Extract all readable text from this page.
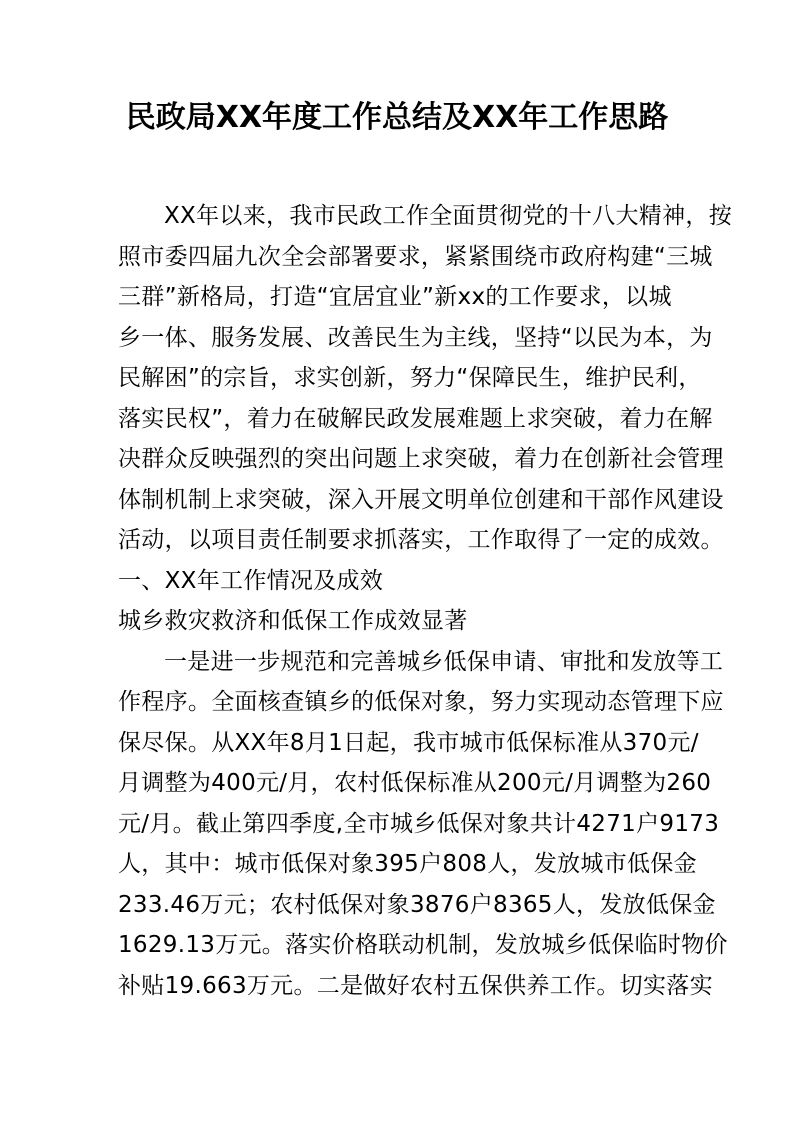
民政局XX年度工作总结及XX年工作思路
XX年以来，我市民政工作全面贯彻党的十八大精神，按
照市委四届九次全会部署要求，紧紧围绕市政府构建“三城
三群”新格局，打造“宜居宜业”新xx的工作要求，以城
乡一体、服务发展、改善民生为主线，坚持“以民为本，为
民解困”的宗旨，求实创新，努力“保障民生，维护民利，
落实民权”，着力在破解民政发展难题上求突破，着力在解
决群众反映强烈的突出问题上求突破，着力在创新社会管理
体制机制上求突破，深入开展文明单位创建和干部作风建设
活动，以项目责任制要求抓落实，工作取得了一定的成效。
一、XX年工作情况及成效
城乡救灾救济和低保工作成效显著
一是进一步规范和完善城乡低保申请、审批和发放等工
作程序。全面核查镇乡的低保对象，努力实现动态管理下应
保尽保。从XX年8月1日起，我市城市低保标准从370元/
月调整为400元/月，农村低保标准从200元/月调整为260
元/月。截止第四季度,全市城乡低保对象共计4271户9173
人，其中：城市低保对象395户808人，发放城市低保金
233.46万元；农村低保对象3876户8365人，发放低保金
1629.13万元。落实价格联动机制，发放城乡低保临时物价
补贴19.663万元。二是做好农村五保供养工作。切实落实
